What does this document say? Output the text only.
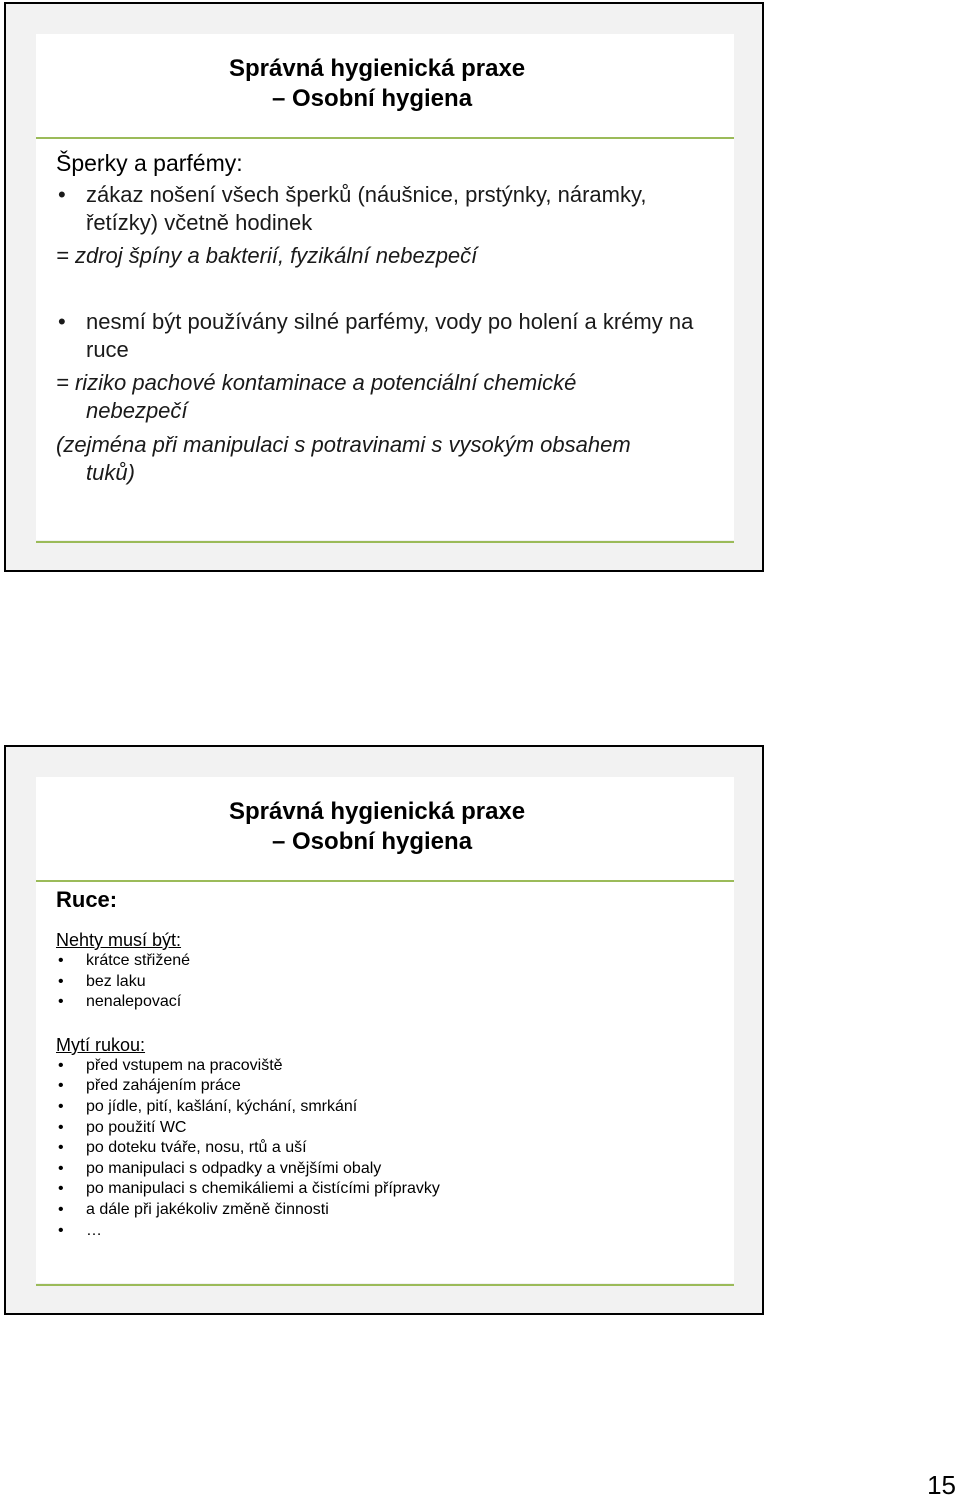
Správná hygienická praxe
– Osobní hygiena
Šperky a parfémy:
• zákaz nošení všech šperků (náušnice, prstýnky, náramky, řetízky) včetně hodinek
= zdroj špíny a bakterií, fyzikální nebezpečí
• nesmí být používány silné parfémy, vody po holení a krémy na ruce
= riziko pachové kontaminace a potenciální chemické
nebezpečí
(zejména při manipulaci s potravinami s vysokým obsahem
tuků)
Správná hygienická praxe
– Osobní hygiena
Ruce:
Nehty musí být:
• krátce střižené
• bez laku
• nenalepovací
Mytí rukou:
• před vstupem na pracoviště
• před zahájením práce
• po jídle, pití, kašlání, kýchání, smrkání
• po použití WC
• po doteku tváře, nosu, rtů a uší
• po manipulaci s odpadky a vnějšími obaly
• po manipulaci s chemikáliemi a čistícími přípravky
• a dále při jakékoliv změně činnosti
• …
15
